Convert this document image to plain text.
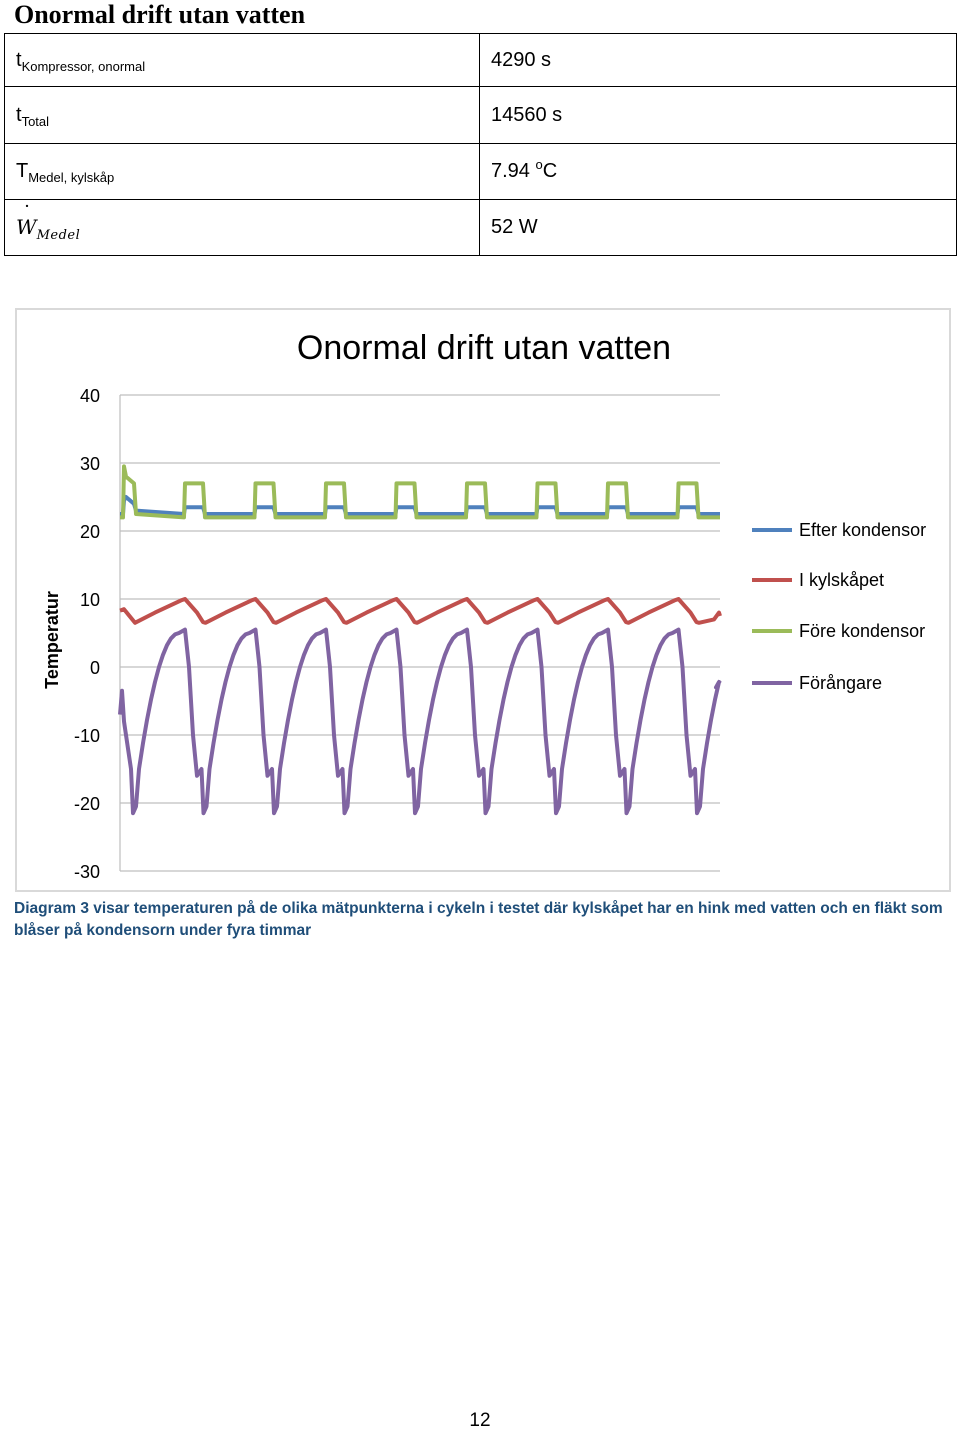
Onormal drift utan vatten
$t_{Kompressor, onormal}$	4290 s
$t_{Total}$	14560 s
$T_{Medel, kylskåp}$	7.94 $^o$C
˙ $W_{Medel}$	52 W
Onormal drift utan vatten
40
30
20
10
0
-10
-20
-30
Temperatur
Efter kondensor
I kylskåpet
Före kondensor
Förångare
Diagram 3 visar temperaturen på de olika mätpunkterna i cykeln i testet där kylskåpet har en hink med vatten och en fläkt som blåser på kondensorn under fyra timmar
12
